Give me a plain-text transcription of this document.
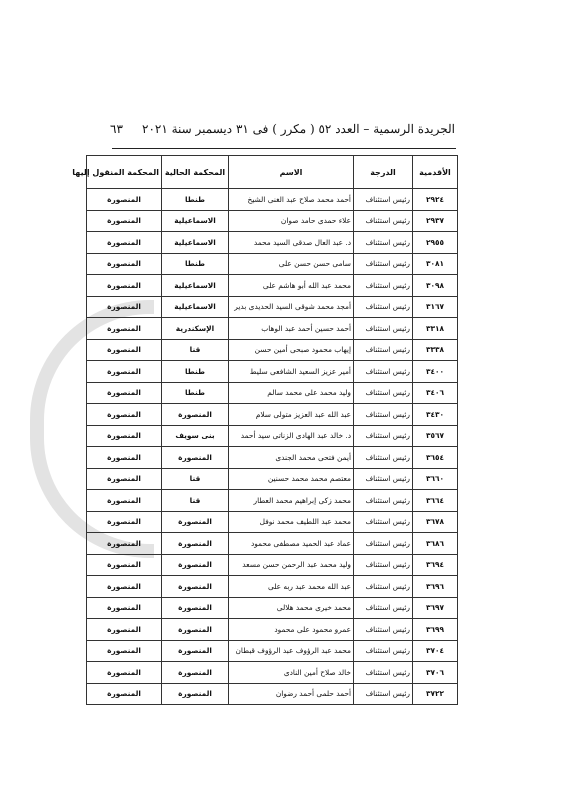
الجريدة الرسمية – العدد ٥٢ ( مكرر ) فى ٣١ ديسمبر سنة ٢٠٢١
٦٣
الأقدمية	الدرجة	الاسم	المحكمة الحالية	المحكمة المنقول إليها
٢٩٢٤	رئيس استئناف	أحمد محمد صلاح عبد الغنى الشيخ	طنطا	المنصورة
٢٩٣٧	رئيس استئناف	علاء حمدى حامد صوان	الاسماعيلية	المنصورة
٢٩٥٥	رئيس استئناف	د. عبد العال صدقى السيد محمد	الاسماعيلية	المنصورة
٣٠٨١	رئيس استئناف	سامى حسن حسن على	طنطا	المنصورة
٣٠٩٨	رئيس استئناف	محمد عبد الله أبو هاشم على	الاسماعيلية	المنصورة
٣١٦٧	رئيس استئناف	أمجد محمد شوقى السيد الحديدى بدير	الاسماعيلية	المنصورة
٣٣١٨	رئيس استئناف	أحمد حسين أحمد عبد الوهاب	الإسكندرية	المنصورة
٣٣٣٨	رئيس استئناف	إيهاب محمود صبحى أمين حسن	قنا	المنصورة
٣٤٠٠	رئيس استئناف	أمير عزيز السعيد الشافعى سليط	طنطا	المنصورة
٣٤٠٦	رئيس استئناف	وليد محمد على محمد سالم	طنطا	المنصورة
٣٤٣٠	رئيس استئناف	عبد الله عبد العزيز متولى سلام	المنصورة	المنصورة
٣٥٦٧	رئيس استئناف	د. خالد عبد الهادى الزناتى سيد أحمد	بنى سويف	المنصورة
٣٦٥٤	رئيس استئناف	أيمن فتحى محمد الجندى	المنصورة	المنصورة
٣٦٦٠	رئيس استئناف	معتصم محمد محمد حسنين	قنا	المنصورة
٣٦٦٤	رئيس استئناف	محمد زكى إبراهيم محمد العطار	قنا	المنصورة
٣٦٧٨	رئيس استئناف	محمد عبد اللطيف محمد نوفل	المنصورة	المنصورة
٣٦٨٦	رئيس استئناف	عماد عبد الحميد مصطفى محمود	المنصورة	المنصورة
٣٦٩٤	رئيس استئناف	وليد محمد عبد الرحمن حسن مسعد	المنصورة	المنصورة
٣٦٩٦	رئيس استئناف	عبد الله محمد عبد ربه على	المنصورة	المنصورة
٣٦٩٧	رئيس استئناف	محمد خيرى محمد هلالى	المنصورة	المنصورة
٣٦٩٩	رئيس استئناف	عمرو محمود على محمود	المنصورة	المنصورة
٣٧٠٤	رئيس استئناف	محمد عبد الرؤوف عبد الرؤوف قبطان	المنصورة	المنصورة
٣٧٠٦	رئيس استئناف	خالد صلاح أمين النادى	المنصورة	المنصورة
٣٧٢٢	رئيس استئناف	أحمد حلمى أحمد رضوان	المنصورة	المنصورة
